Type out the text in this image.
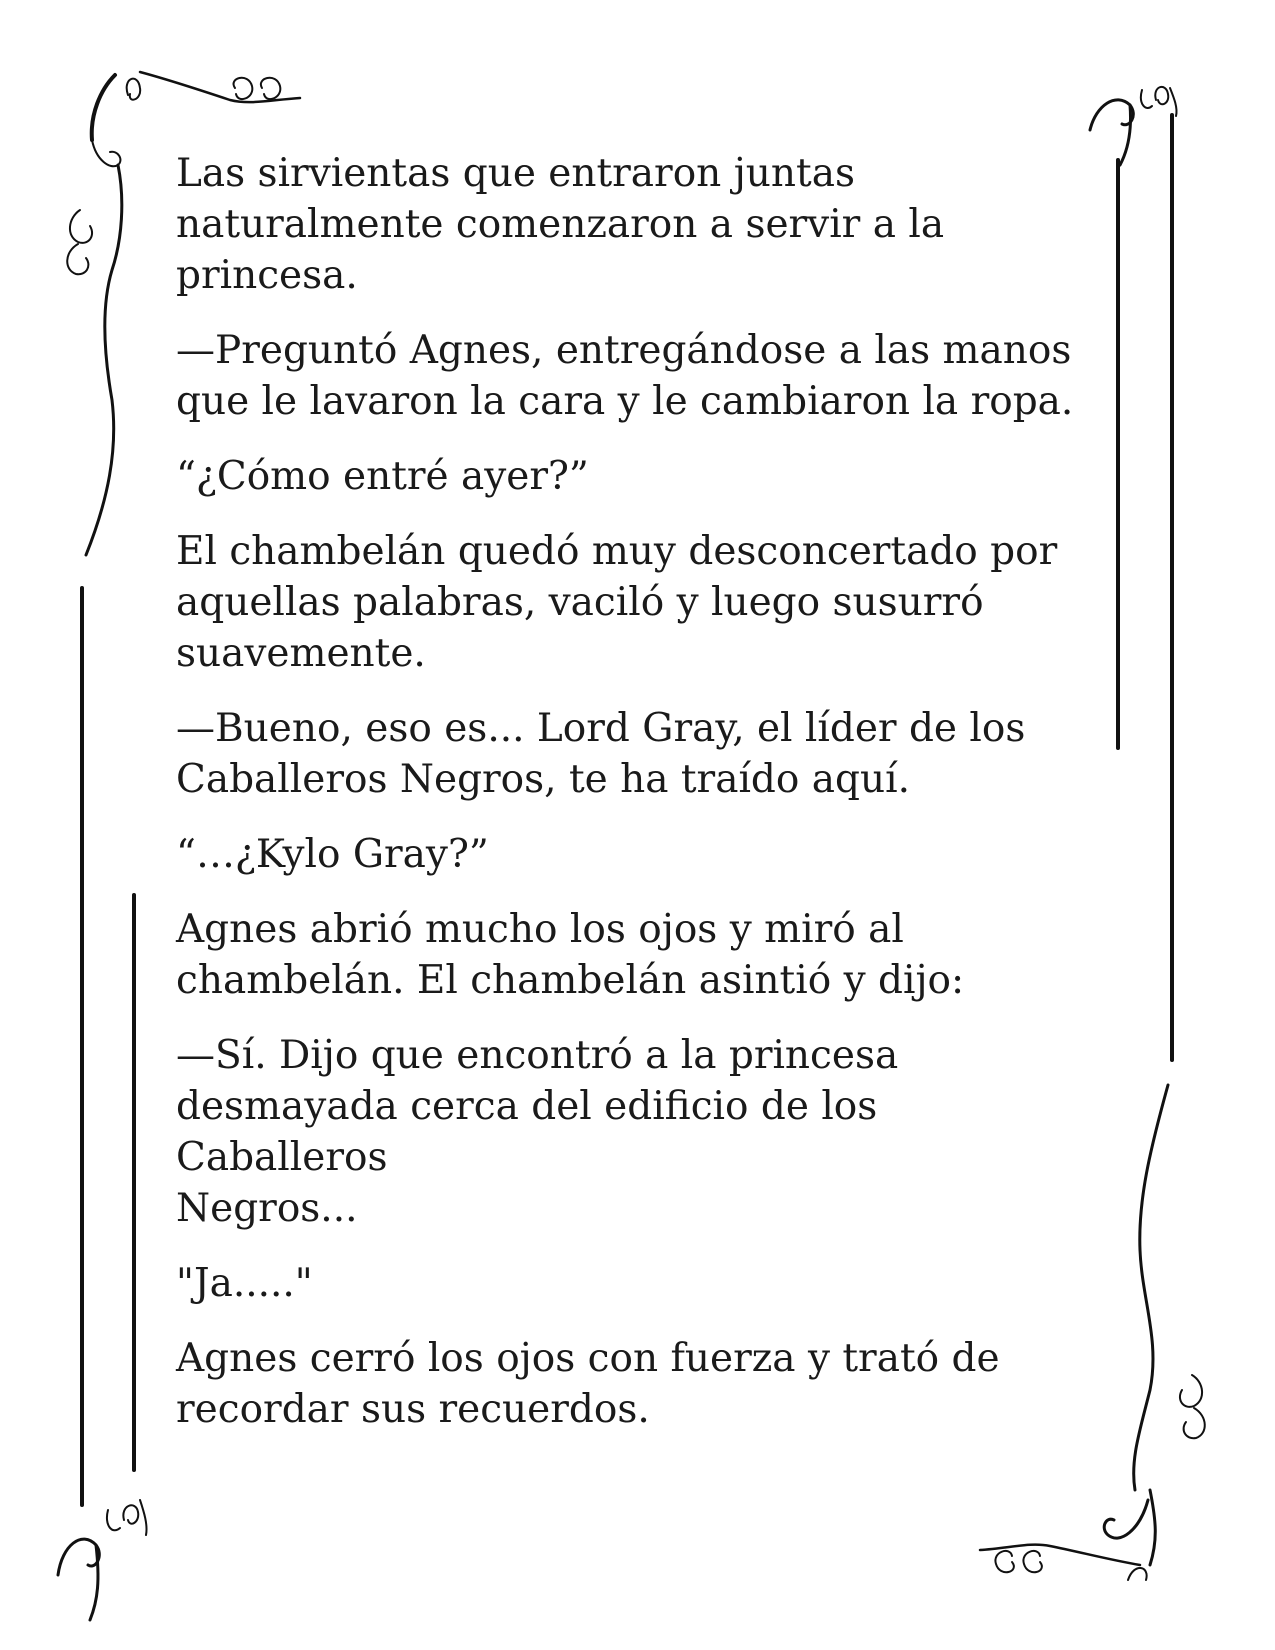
Las sirvientas que entraron juntas
naturalmente comenzaron a servir a la
princesa.

—Preguntó Agnes, entregándose a las manos
que le lavaron la cara y le cambiaron la ropa.

“¿Cómo entré ayer?”

El chambelán quedó muy desconcertado por
aquellas palabras, vaciló y luego susurró
suavemente.

—Bueno, eso es... Lord Gray, el líder de los
Caballeros Negros, te ha traído aquí.

“…¿Kylo Gray?”

Agnes abrió mucho los ojos y miró al
chambelán. El chambelán asintió y dijo:

—Sí. Dijo que encontró a la princesa
desmayada cerca del edificio de los Caballeros
Negros...

"Ja....."

Agnes cerró los ojos con fuerza y trató de
recordar sus recuerdos.
